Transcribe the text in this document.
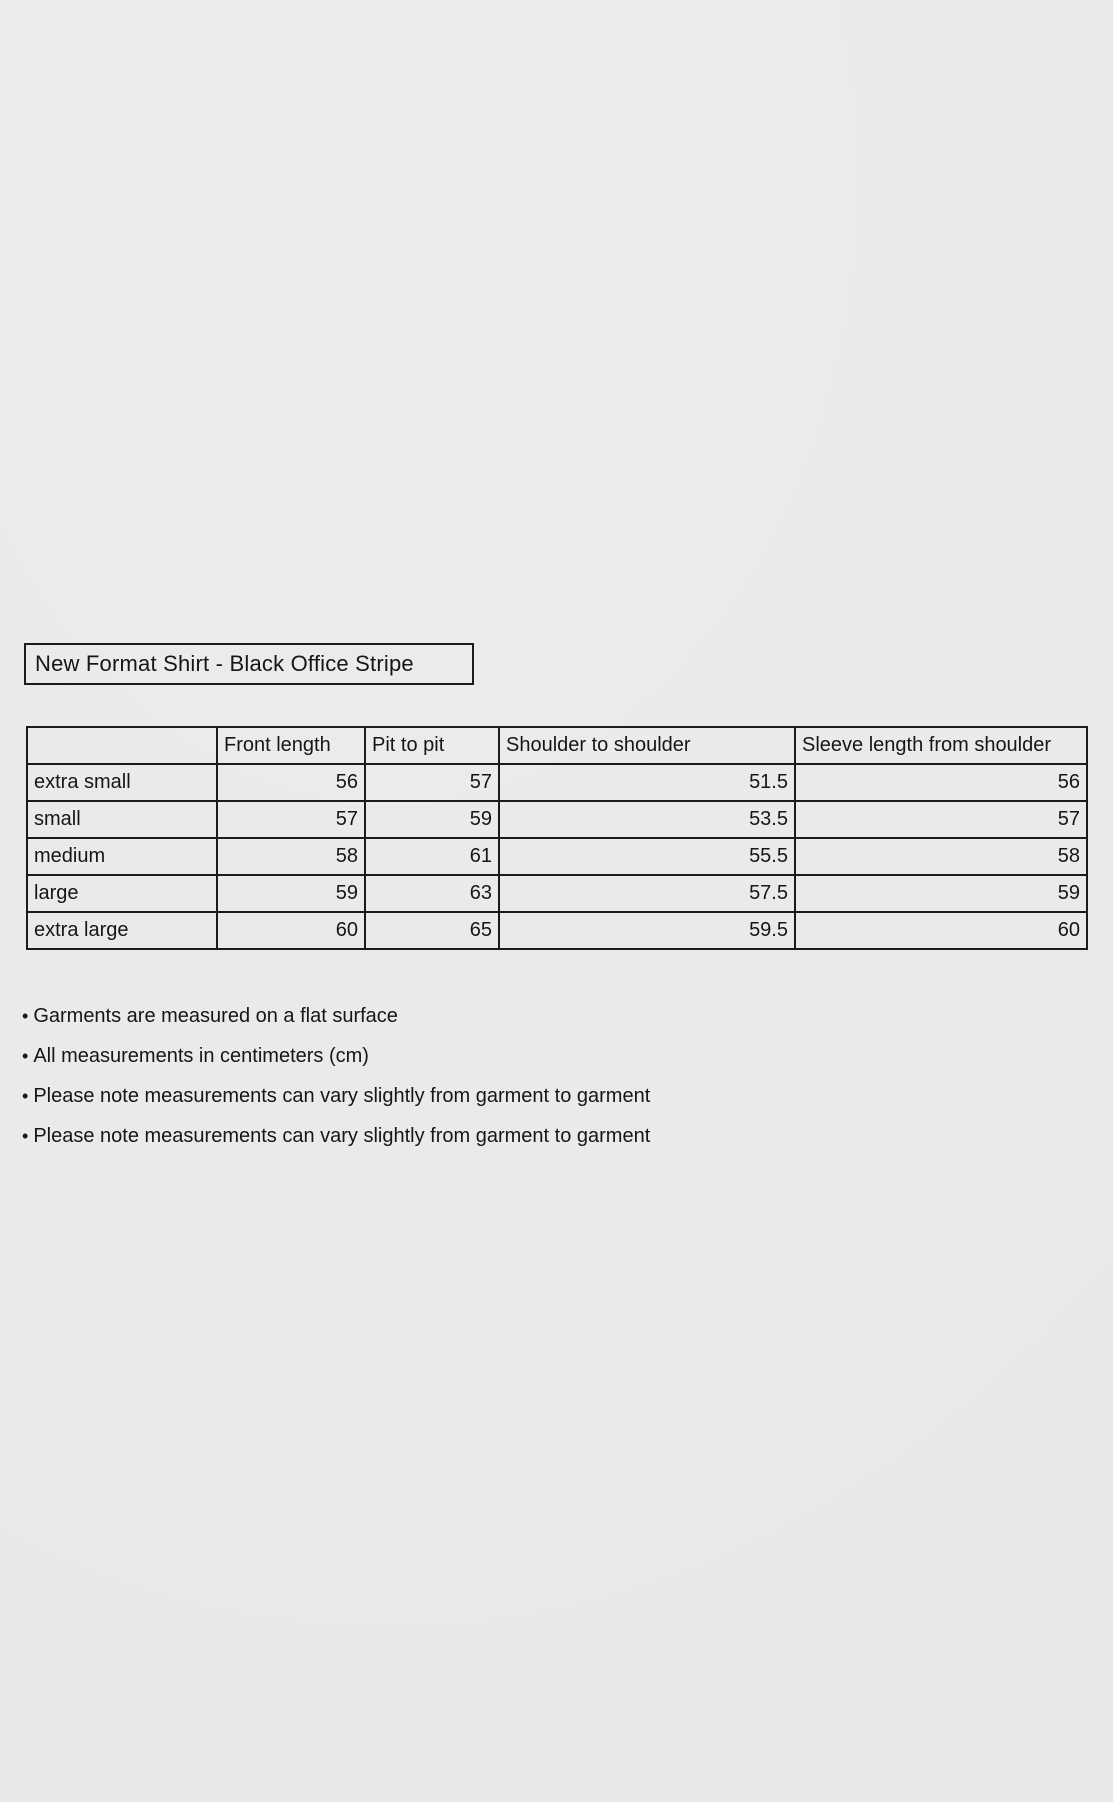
New Format Shirt - Black Office Stripe
	Front length	Pit to pit	Shoulder to shoulder	Sleeve length from shoulder
extra small	56	57	51.5	56
small	57	59	53.5	57
medium	58	61	55.5	58
large	59	63	57.5	59
extra large	60	65	59.5	60
• Garments are measured on a flat surface
• All measurements in centimeters (cm)
• Please note measurements can vary slightly from garment to garment
• Please note measurements can vary slightly from garment to garment
